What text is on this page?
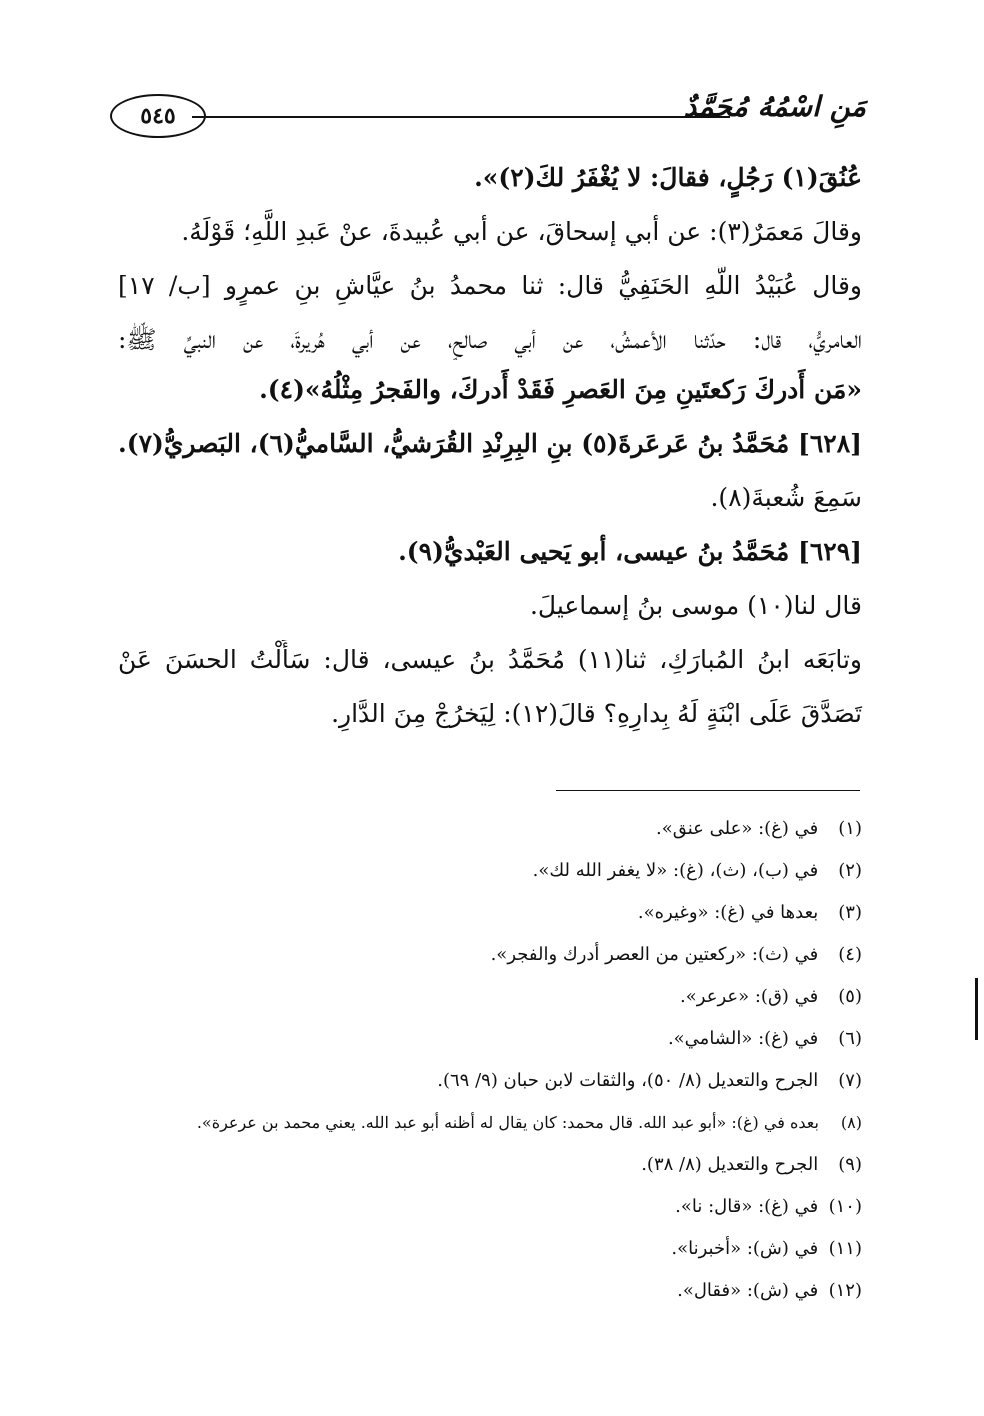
٥٤٥	مَنِ اسْمُهُ مُحَمَّدٌ
عُنُقَ(١) رَجُلٍ، فقالَ: لا يُغْفَرُ لكَ(٢)».
وقالَ مَعمَرٌ(٣): عن أبي إسحاقَ، عن أبي عُبيدةَ، عنْ عَبدِ اللَّهِ؛ قَوْلَهُ.
وقال عُبَيْدُ اللَّهِ الحَنَفِيُّ قال: ثنا محمدُ بنُ عيَّاشِ بنِ عمرٍو [ب/ ١٧]
العامريُّ، قال: حدّثنا الأعمشُ، عن أبي صالحٍ، عن أبي هُريرةَ، عن النبيِّ ﷺ:
«مَن أَدركَ رَكعتَينِ مِنَ العَصرِ فَقَدْ أَدركَ، والفَجرُ مِثْلُهُ»(٤).
[٦٢٨] مُحَمَّدُ بنُ عَرعَرةَ(٥) بنِ البِرِنْدِ القُرَشيُّ، السَّاميُّ(٦)، البَصريُّ(٧).
سَمِعَ شُعبةَ(٨).
[٦٢٩] مُحَمَّدُ بنُ عيسى، أبو يَحيى العَبْديُّ(٩).
قال لنا(١٠) موسى بنُ إسماعيلَ.
وتابَعَه ابنُ المُبارَكِ، ثنا(١١) مُحَمَّدُ بنُ عيسى، قال: سَأَلْتُ الحسَنَ عَنْ
تَصَدَّقَ عَلَى ابْنَةٍ لَهُ بِدارِهِ؟ قالَ(١٢): لِيَخرُجْ مِنَ الدَّارِ.
(١) في (غ): «على عنق».
(٢) في (ب)، (ث)، (غ): «لا يغفر الله لك».
(٣) بعدها في (غ): «وغيره».
(٤) في (ث): «ركعتين من العصر أدرك والفجر».
(٥) في (ق): «عرعر».
(٦) في (غ): «الشامي».
(٧) الجرح والتعديل (٨/ ٥٠)، والثقات لابن حبان (٩/ ٦٩).
(٨) بعده في (غ): «أبو عبد الله. قال محمد: كان يقال له أظنه أبو عبد الله. يعني محمد بن عرعرة».
(٩) الجرح والتعديل (٨/ ٣٨).
(١٠) في (غ): «قال: نا».
(١١) في (ش): «أخبرنا».
(١٢) في (ش): «فقال».
